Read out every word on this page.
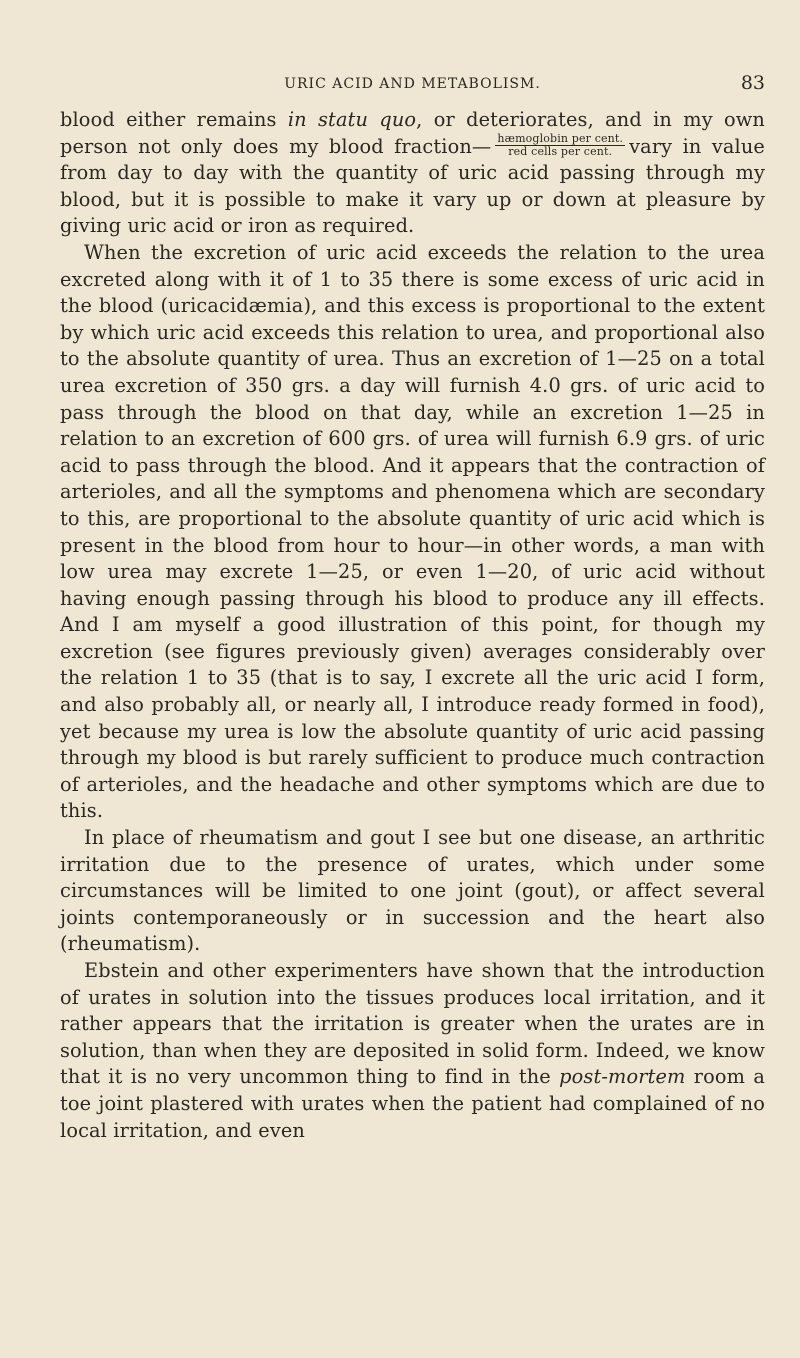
URIC ACID AND METABOLISM.	83

blood either remains in statu quo, or deteriorates, and in my own person not only does my blood fraction— $\frac{\text{hæmoglobin per cent.}}{\text{red cells per cent.}}$ vary in value from day to day with the quantity of uric acid passing through my blood, but it is possible to make it vary up or down at pleasure by giving uric acid or iron as required.

When the excretion of uric acid exceeds the relation to the urea excreted along with it of 1 to 35 there is some excess of uric acid in the blood (uricacidæmia), and this excess is proportional to the extent by which uric acid exceeds this relation to urea, and proportional also to the absolute quantity of urea. Thus an excretion of 1—25 on a total urea excretion of 350 grs. a day will furnish 4.0 grs. of uric acid to pass through the blood on that day, while an excretion 1—25 in relation to an excretion of 600 grs. of urea will furnish 6.9 grs. of uric acid to pass through the blood. And it appears that the contraction of arterioles, and all the symptoms and phenomena which are secondary to this, are proportional to the absolute quantity of uric acid which is present in the blood from hour to hour—in other words, a man with low urea may excrete 1—25, or even 1—20, of uric acid without having enough passing through his blood to produce any ill effects. And I am myself a good illustration of this point, for though my excretion (see figures previously given) averages considerably over the relation 1 to 35 (that is to say, I excrete all the uric acid I form, and also probably all, or nearly all, I introduce ready formed in food), yet because my urea is low the absolute quantity of uric acid passing through my blood is but rarely sufficient to produce much contraction of arterioles, and the headache and other symptoms which are due to this.

In place of rheumatism and gout I see but one disease, an arthritic irritation due to the presence of urates, which under some circumstances will be limited to one joint (gout), or affect several joints contemporaneously or in succession and the heart also (rheumatism).

Ebstein and other experimenters have shown that the introduction of urates in solution into the tissues produces local irritation, and it rather appears that the irritation is greater when the urates are in solution, than when they are deposited in solid form. Indeed, we know that it is no very uncommon thing to find in the post-mortem room a toe joint plastered with urates when the patient had complained of no local irritation, and even
